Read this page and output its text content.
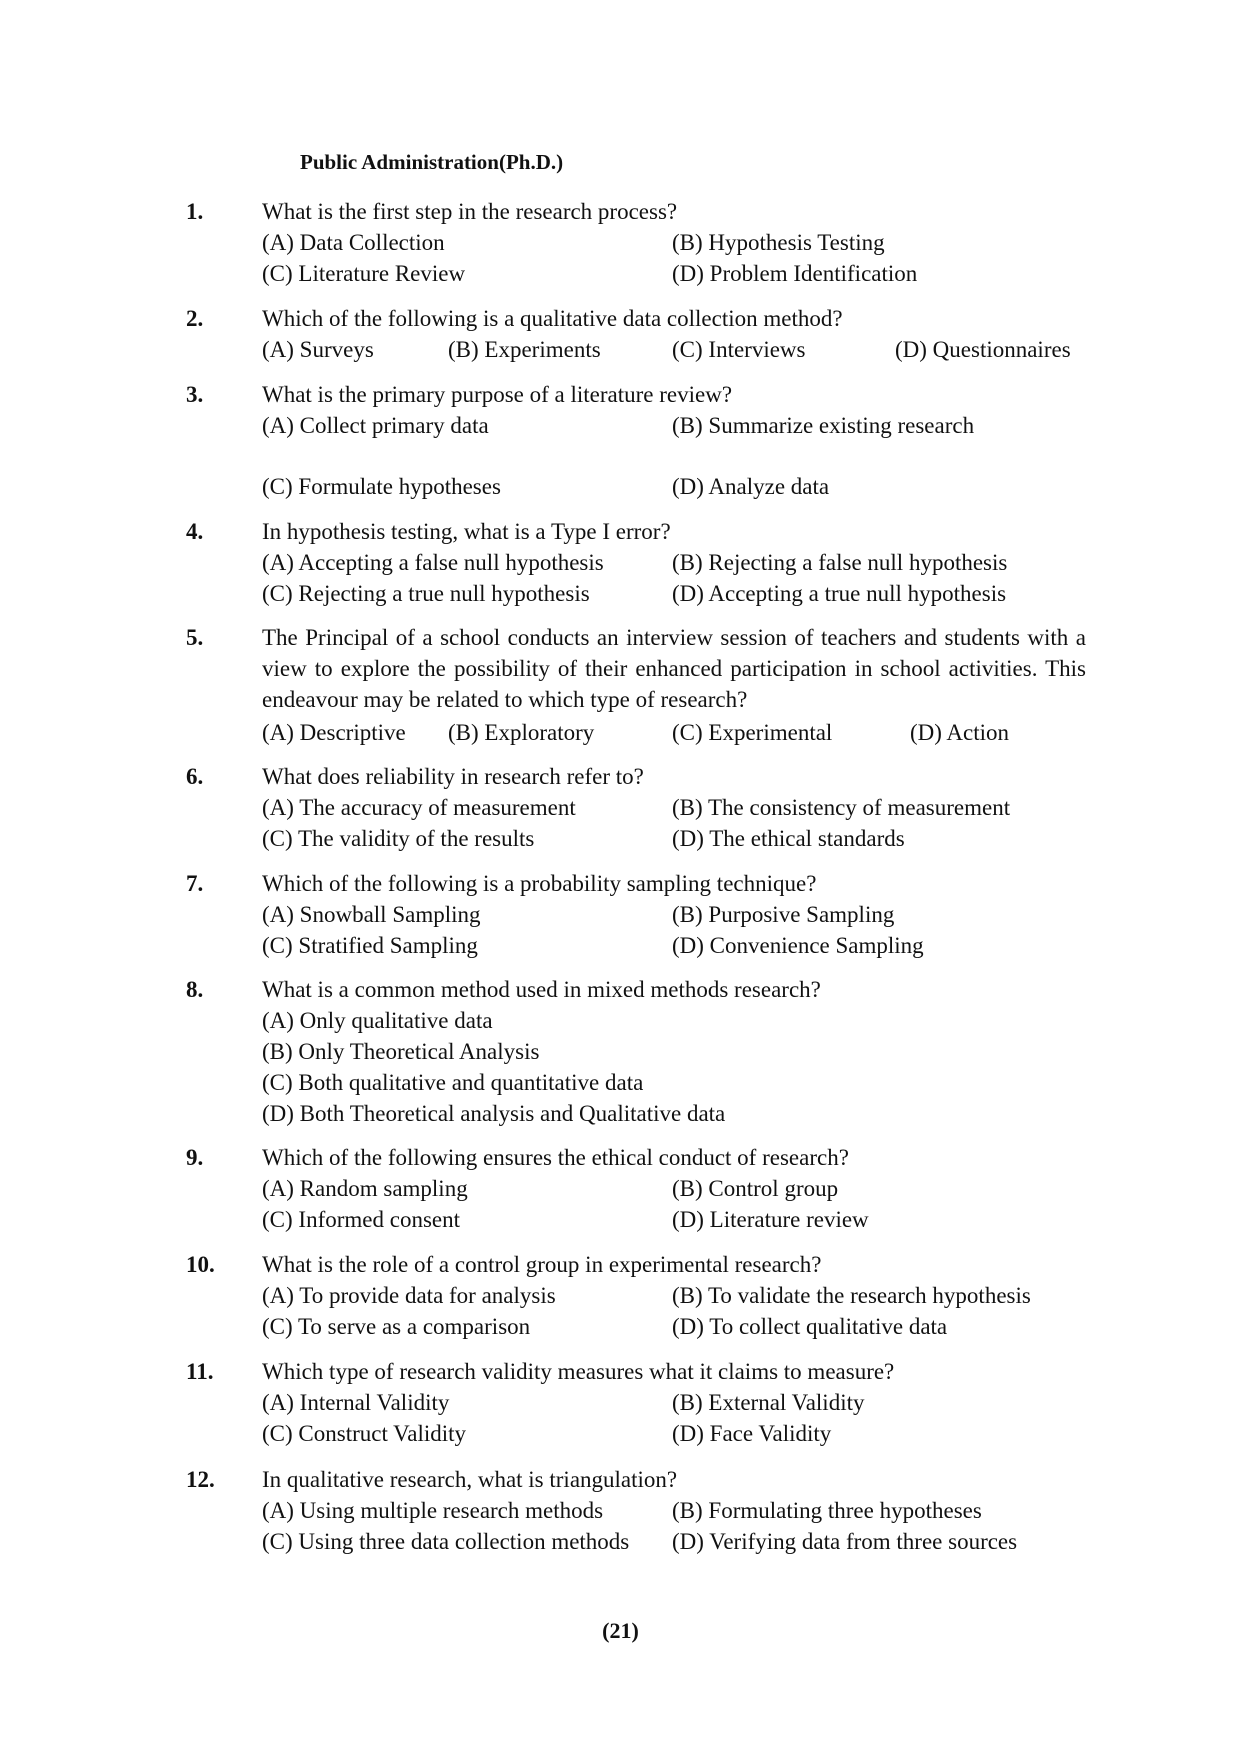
Public Administration(Ph.D.)
1.	What is the first step in the research process?
(A) Data Collection	(B) Hypothesis Testing
(C) Literature Review	(D) Problem Identification
2.	Which of the following is a qualitative data collection method?
(A) Surveys	(B) Experiments	(C) Interviews	(D) Questionnaires
3.	What is the primary purpose of a literature review?
(A) Collect primary data	(B) Summarize existing research
(C) Formulate hypotheses	(D) Analyze data
4.	In hypothesis testing, what is a Type I error?
(A) Accepting a false null hypothesis	(B) Rejecting a false null hypothesis
(C) Rejecting a true null hypothesis	(D) Accepting a true null hypothesis
5.	The Principal of a school conducts an interview session of teachers and students with a view to explore the possibility of their enhanced participation in school activities. This endeavour may be related to which type of research?
(A) Descriptive (B) Exploratory	(C) Experimental	(D) Action
6.	What does reliability in research refer to?
(A) The accuracy of measurement	(B) The consistency of measurement
(C) The validity of the results	(D) The ethical standards
7.	Which of the following is a probability sampling technique?
(A) Snowball Sampling	(B) Purposive Sampling
(C) Stratified Sampling	(D) Convenience Sampling
8.	What is a common method used in mixed methods research?
(A) Only qualitative data
(B) Only Theoretical Analysis
(C) Both qualitative and quantitative data
(D) Both Theoretical analysis and Qualitative data
9.	Which of the following ensures the ethical conduct of research?
(A) Random sampling	(B) Control group
(C) Informed consent	(D) Literature review
10. What is the role of a control group in experimental research?
(A) To provide data for analysis	(B) To validate the research hypothesis
(C) To serve as a comparison	(D) To collect qualitative data
11. Which type of research validity measures what it claims to measure?
(A) Internal Validity	(B) External Validity
(C) Construct Validity	(D) Face Validity
12. In qualitative research, what is triangulation?
(A) Using multiple research methods	(B) Formulating three hypotheses
(C) Using three data collection methods (D) Verifying data from three sources
(21)
